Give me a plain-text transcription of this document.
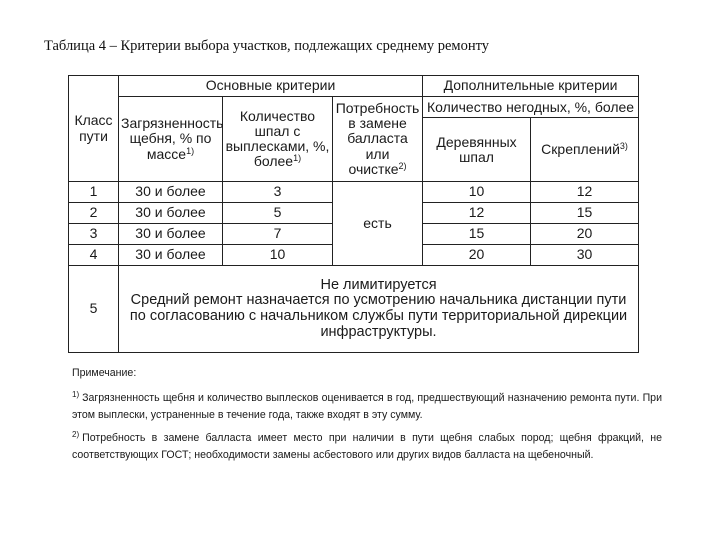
Таблица 4 – Критерии выбора участков, подлежащих среднему ремонту
Класс пути	Основные критерии			Дополнительные критерии	
	Загрязненность щебня, % по массе$^{1)}$	Количество шпал с выплесками, %, более$^{1)}$	Потребность в замене балласта или очистке$^{2)}$	Количество негодных, %, более	
				Деревянных шпал	Скреплений$^{3)}$
1	30 и более	3	есть	10	12
2	30 и более	5		12	15
3	30 и более	7		15	20
4	30 и более	10		20	30
5	Не лимитируется
Средний ремонт назначается по усмотрению начальника дистанции пути по согласованию с начальником службы пути территориальной дирекции инфраструктуры.				
Примечание:
$^{1)}$ Загрязненность щебня и количество выплесков оценивается в год, предшествующий назначению ремонта пути. При этом выплески, устраненные в течение года, также входят в эту сумму.
$^{2)}$ Потребность в замене балласта имеет место при наличии в пути щебня слабых пород; щебня фракций, не соответствующих ГОСТ; необходимости замены асбестового или других видов балласта на щебеночный.
